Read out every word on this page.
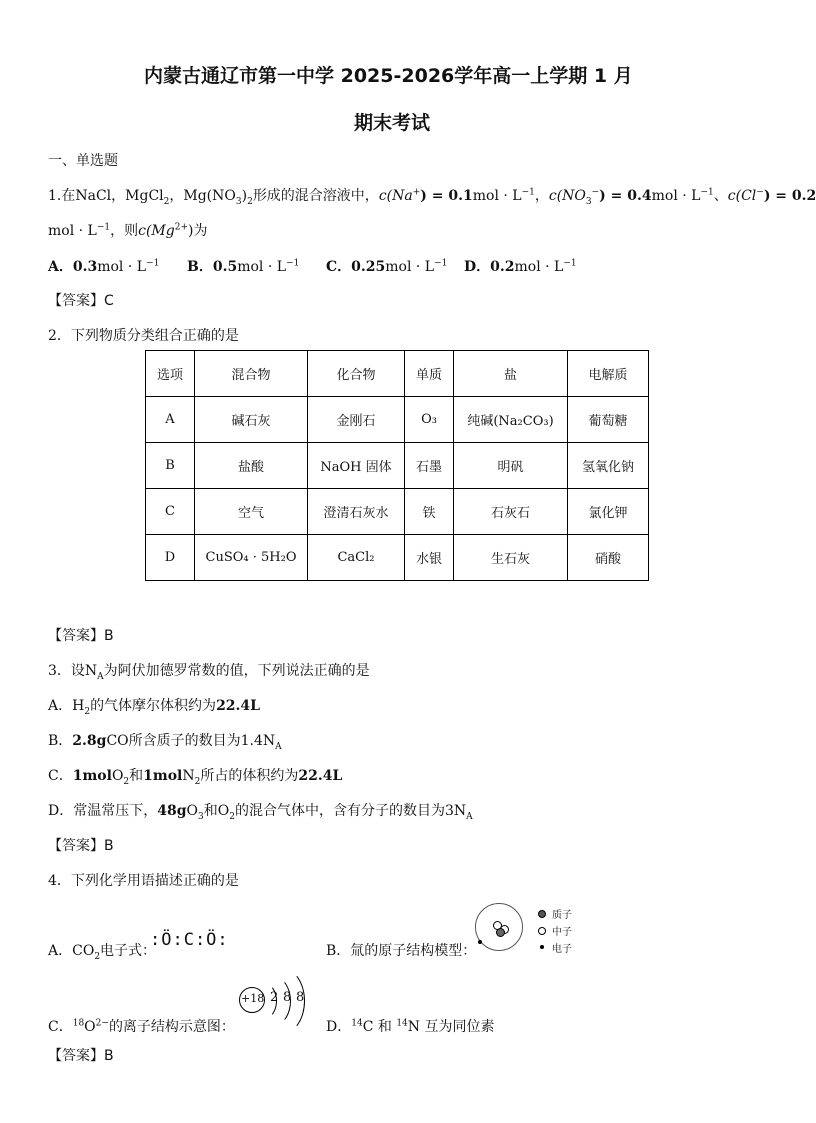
内蒙古通辽市第一中学 2025-2026学年高一上学期 1 月
期末考试
一、单选题
1.在NaCl，MgCl$_2$，$Mg(NO_3)_2$形成的混合溶液中，$c(Na^+) = 0.1mol \cdot L^{-1}$，$c(NO_3^-) = 0.4mol \cdot L^{-1}$、c(Cl−) = 0.2
mol · $L^{-1}$，则$c(Mg^{2+})$为
A．$0.3mol \cdot L^{-1}$ B．$0.5mol \cdot L^{-1}$ C．$0.25mol \cdot L^{-1}$ D．$0.2mol \cdot L^{-1}$
【答案】C
2．下列物质分类组合正确的是
选项	混合物	化合物	单质	盐	电解质
A	碱石灰	金刚石	O₃	纯碱(Na₂CO₃)	葡萄糖
B	盐酸	NaOH 固体	石墨	明矾	氢氧化钠
C	空气	澄清石灰水	铁	石灰石	氯化钾
D	CuSO₄ · 5H₂O	CaCl₂	水银	生石灰	硝酸
【答案】B
3．设$N_A$为阿伏加德罗常数的值，下列说法正确的是
A．$H_2$的气体摩尔体积约为22.4L
B．2.8gCO所含质子的数目为$1.4N_A$
C．1molO$_2$和1molN$_2$所占的体积约为22.4L
D．常温常压下，$48gO_3$和$O_2$的混合气体中，含有分子的数目为$3N_A$
【答案】B
4．下列化学用语描述正确的是
A．$CO_2$电子式：
:Ö:C:Ö:
B．氚的原子结构模型：
质子
中子
电子
C．$^{18}O^{2-}$的离子结构示意图：
+18 2 8 8
D．$^{14}$C 和 $^{14}$N 互为同位素
【答案】B
